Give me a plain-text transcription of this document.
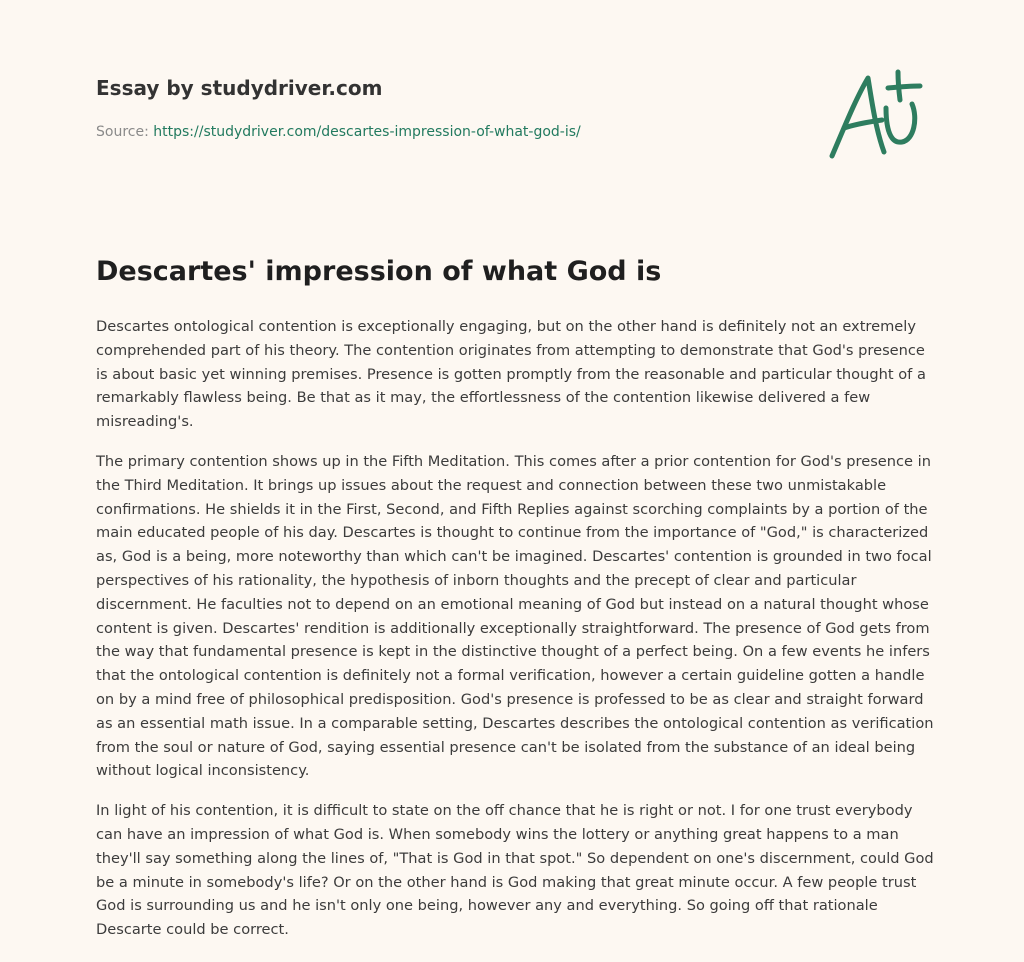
Essay by studydriver.com
Source: https://studydriver.com/descartes-impression-of-what-god-is/
Descartes' impression of what God is

Descartes ontological contention is exceptionally engaging, but on the other hand is definitely not an extremely comprehended part of his theory. The contention originates from attempting to demonstrate that God's presence is about basic yet winning premises. Presence is gotten promptly from the reasonable and particular thought of a remarkably flawless being. Be that as it may, the effortlessness of the contention likewise delivered a few misreading's.

The primary contention shows up in the Fifth Meditation. This comes after a prior contention for God's presence in the Third Meditation. It brings up issues about the request and connection between these two unmistakable confirmations. He shields it in the First, Second, and Fifth Replies against scorching complaints by a portion of the main educated people of his day. Descartes is thought to continue from the importance of "God," is characterized as, God is a being, more noteworthy than which can't be imagined. Descartes' contention is grounded in two focal perspectives of his rationality, the hypothesis of inborn thoughts and the precept of clear and particular discernment. He faculties not to depend on an emotional meaning of God but instead on a natural thought whose content is given. Descartes' rendition is additionally exceptionally straightforward. The presence of God gets from the way that fundamental presence is kept in the distinctive thought of a perfect being. On a few events he infers that the ontological contention is definitely not a formal verification, however a certain guideline gotten a handle on by a mind free of philosophical predisposition. God's presence is professed to be as clear and straight forward as an essential math issue. In a comparable setting, Descartes describes the ontological contention as verification from the soul or nature of God, saying essential presence can't be isolated from the substance of an ideal being without logical inconsistency.

In light of his contention, it is difficult to state on the off chance that he is right or not. I for one trust everybody can have an impression of what God is. When somebody wins the lottery or anything great happens to a man they'll say something along the lines of, "That is God in that spot." So dependent on one's discernment, could God be a minute in somebody's life? Or on the other hand is God making that great minute occur. A few people trust God is surrounding us and he isn't only one being, however any and everything. So going off that rationale Descarte could be correct.
